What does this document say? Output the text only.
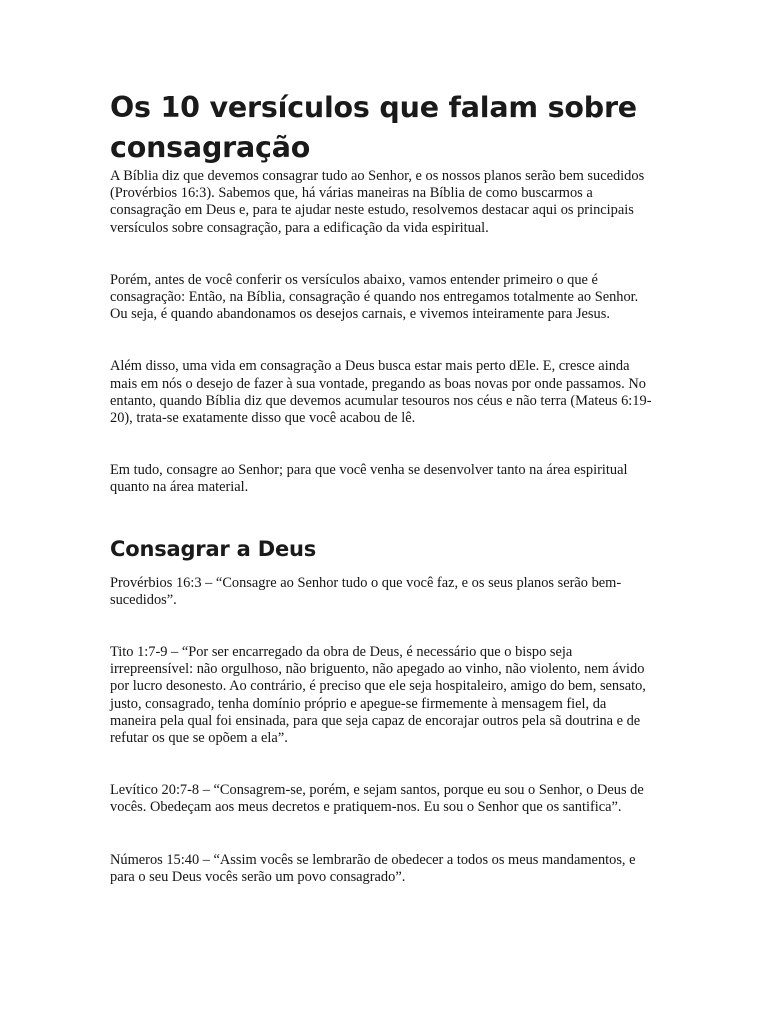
Os 10 versículos que falam sobre consagração

A Bíblia diz que devemos consagrar tudo ao Senhor, e os nossos planos serão bem sucedidos (Provérbios 16:3). Sabemos que, há várias maneiras na Bíblia de como buscarmos a consagração em Deus e, para te ajudar neste estudo, resolvemos destacar aqui os principais versículos sobre consagração, para a edificação da vida espiritual.

Porém, antes de você conferir os versículos abaixo, vamos entender primeiro o que é consagração: Então, na Bíblia, consagração é quando nos entregamos totalmente ao Senhor. Ou seja, é quando abandonamos os desejos carnais, e vivemos inteiramente para Jesus.

Além disso, uma vida em consagração a Deus busca estar mais perto dEle. E, cresce ainda mais em nós o desejo de fazer à sua vontade, pregando as boas novas por onde passamos. No entanto, quando Bíblia diz que devemos acumular tesouros nos céus e não terra (Mateus 6:19-20), trata-se exatamente disso que você acabou de lê.

Em tudo, consagre ao Senhor; para que você venha se desenvolver tanto na área espiritual quanto na área material.

Consagrar a Deus

Provérbios 16:3 – “Consagre ao Senhor tudo o que você faz, e os seus planos serão bem-sucedidos”.

Tito 1:7-9 – “Por ser encarregado da obra de Deus, é necessário que o bispo seja irrepreensível: não orgulhoso, não briguento, não apegado ao vinho, não violento, nem ávido por lucro desonesto. Ao contrário, é preciso que ele seja hospitaleiro, amigo do bem, sensato, justo, consagrado, tenha domínio próprio e apegue-se firmemente à mensagem fiel, da maneira pela qual foi ensinada, para que seja capaz de encorajar outros pela sã doutrina e de refutar os que se opõem a ela”.

Levítico 20:7-8 – “Consagrem-se, porém, e sejam santos, porque eu sou o Senhor, o Deus de vocês. Obedeçam aos meus decretos e pratiquem-nos. Eu sou o Senhor que os santifica”.

Números 15:40 – “Assim vocês se lembrarão de obedecer a todos os meus mandamentos, e para o seu Deus vocês serão um povo consagrado”.
